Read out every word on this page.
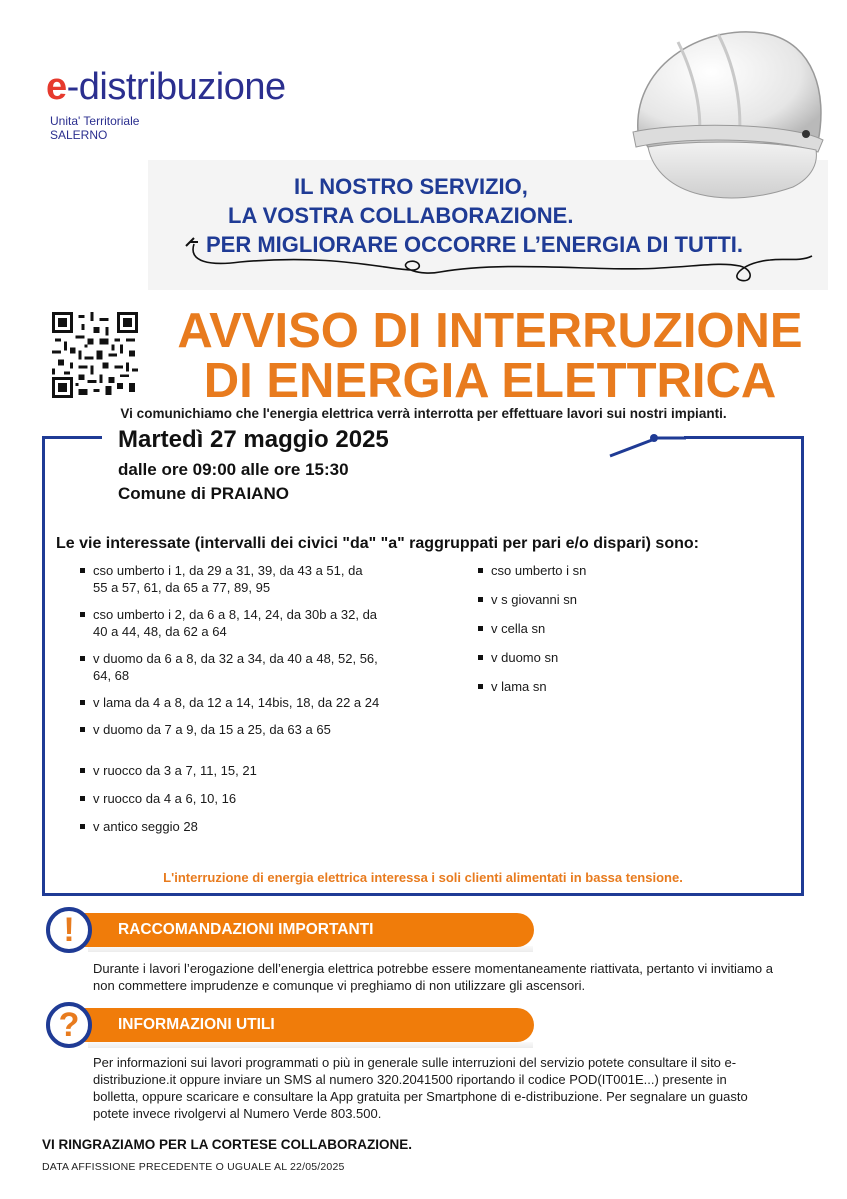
e-distribuzione
Unita' Territoriale
SALERNO
IL NOSTRO SERVIZIO,
LA VOSTRA COLLABORAZIONE.
PER MIGLIORARE OCCORRE L’ENERGIA DI TUTTI.
AVVISO DI INTERRUZIONE
DI ENERGIA ELETTRICA
Vi comunichiamo che l'energia elettrica verrà interrotta per effettuare lavori sui nostri impianti.
Martedì 27 maggio 2025
dalle ore 09:00 alle ore 15:30
Comune di PRAIANO
Le vie interessate (intervalli dei civici "da" "a" raggruppati per pari e/o dispari) sono:
cso umberto i 1, da 29 a 31, 39, da 43 a 51, da 55 a 57, 61, da 65 a 77, 89, 95
cso umberto i 2, da 6 a 8, 14, 24, da 30b a 32, da 40 a 44, 48, da 62 a 64
v duomo da 6 a 8, da 32 a 34, da 40 a 48, 52, 56, 64, 68
v lama da 4 a 8, da 12 a 14, 14bis, 18, da 22 a 24
v duomo da 7 a 9, da 15 a 25, da 63 a 65
v ruocco da 3 a 7, 11, 15, 21
v ruocco da 4 a 6, 10, 16
v antico seggio 28
cso umberto i sn
v s giovanni sn
v cella sn
v duomo sn
v lama sn
L'interruzione di energia elettrica interessa i soli clienti alimentati in bassa tensione.
RACCOMANDAZIONI IMPORTANTI
!
Durante i lavori l’erogazione dell’energia elettrica potrebbe essere momentaneamente riattivata, pertanto vi invitiamo a non commettere imprudenze e comunque vi preghiamo di non utilizzare gli ascensori.
INFORMAZIONI UTILI
?
Per informazioni sui lavori programmati o più in generale sulle interruzioni del servizio potete consultare il sito e-distribuzione.it oppure inviare un SMS al numero 320.2041500 riportando il codice POD(IT001E...) presente in bolletta, oppure scaricare e consultare la App gratuita per Smartphone di e-distribuzione. Per segnalare un guasto potete invece rivolgervi al Numero Verde 803.500.
VI RINGRAZIAMO PER LA CORTESE COLLABORAZIONE.
DATA AFFISSIONE PRECEDENTE O UGUALE AL 22/05/2025
